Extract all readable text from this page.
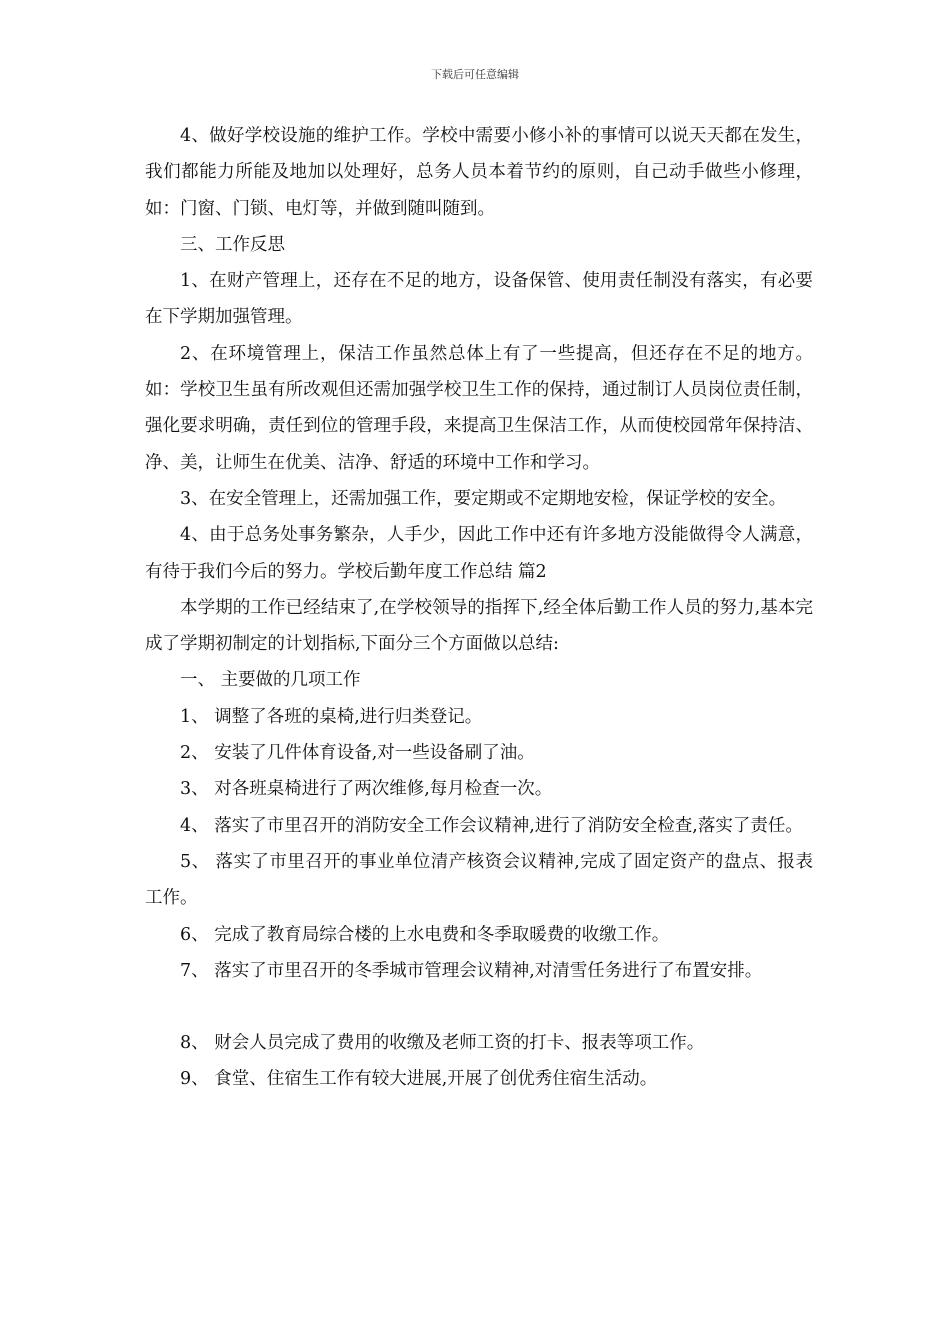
下载后可任意编辑

4、做好学校设施的维护工作。学校中需要小修小补的事情可以说天天都在发生，我们都能力所能及地加以处理好，总务人员本着节约的原则，自己动手做些小修理，如：门窗、门锁、电灯等，并做到随叫随到。

三、工作反思

1、在财产管理上，还存在不足的地方，设备保管、使用责任制没有落实，有必要在下学期加强管理。

2、在环境管理上，保洁工作虽然总体上有了一些提高，但还存在不足的地方。如：学校卫生虽有所改观但还需加强学校卫生工作的保持，通过制订人员岗位责任制，强化要求明确，责任到位的管理手段，来提高卫生保洁工作，从而使校园常年保持洁、净、美，让师生在优美、洁净、舒适的环境中工作和学习。

3、在安全管理上，还需加强工作，要定期或不定期地安检，保证学校的安全。

4、由于总务处事务繁杂，人手少，因此工作中还有许多地方没能做得令人满意，有待于我们今后的努力。学校后勤年度工作总结 篇2

本学期的工作已经结束了,在学校领导的指挥下,经全体后勤工作人员的努力,基本完成了学期初制定的计划指标,下面分三个方面做以总结:

一、 主要做的几项工作

1、 调整了各班的桌椅,进行归类登记。

2、 安装了几件体育设备,对一些设备刷了油。

3、 对各班桌椅进行了两次维修,每月检查一次。

4、 落实了市里召开的消防安全工作会议精神,进行了消防安全检查,落实了责任。

5、 落实了市里召开的事业单位清产核资会议精神,完成了固定资产的盘点、报表工作。

6、 完成了教育局综合楼的上水电费和冬季取暖费的收缴工作。

7、 落实了市里召开的冬季城市管理会议精神,对清雪任务进行了布置安排。

8、 财会人员完成了费用的收缴及老师工资的打卡、报表等项工作。

9、 食堂、住宿生工作有较大进展,开展了创优秀住宿生活动。
